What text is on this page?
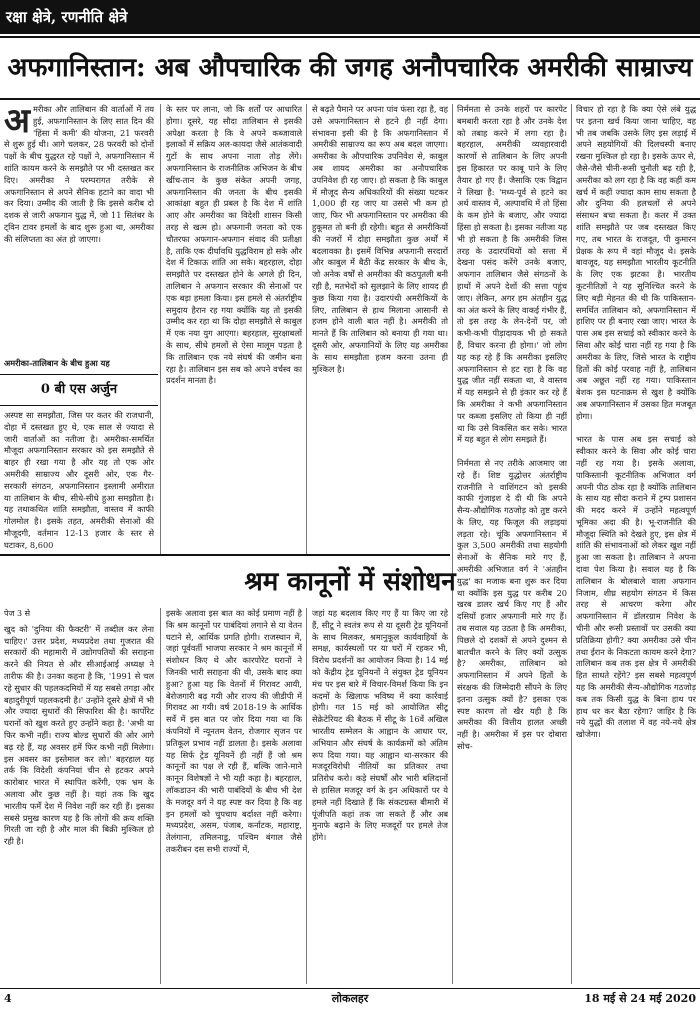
रक्षा क्षेत्रे, रणनीति क्षेत्रे
अफगानिस्तान: अब औपचारिक की जगह अनौपचारिक अमरीकी साम्राज्य
अमरीका और तालिबान की वार्ताओं में तय हुई, अफगानिस्तान के लिए सात दिन की 'हिंसा में कमी' की योजना, 21 फरवरी से शुरू हुई थी। आगे चलकर, 28 फरवरी को दोनों पक्षों के बीच युद्धरत रहे पक्षों ने, अफगानिस्तान में शांति कायम करने के समझौते पर भी दस्तखत कर दिए। अमरीका ने परम्परागत तरीके से अफगानिस्तान से अपने सैनिक हटाने का वादा भी कर दिया। उम्मीद की जाती है कि इससे करीब दो दशक से जारी अफगान युद्ध में, जो 11 सितंबर के ट्विन टावर हमलों के बाद शुरू हुआ था, अमरीका की संलिप्तता का अंत हो जाएगा।
अमरीका-तालिबान के बीच हुआ यह
0 बी एस अर्जुन
अस्पष्ट सा समझौता, जिस पर कतर की राजधानी, दोहा में दस्तखत हुए थे, एक साल से ज्यादा से जारी वार्ताओं का नतीजा है। अमरीका-समर्थित मौजूदा अफगानिस्तान सरकार को इस समझौते से बाहर ही रखा गया है और यह तो एक ओर अमरीकी साम्राज्य और दूसरी ओर, एक गैर-सरकारी संगठन, अफगानिस्तान इस्लामी अमीरात या तालिबान के बीच, सीधे-सीधे हुआ समझौता है। यह तथाकथित शांति समझौता, वास्तव में काफी गोलमोल है। इसके तहत, अमरीकी सेनाओं की मौजूदगी, वर्तमान 12-13 हजार के स्तर से घटाकर, 8,600
के स्तर पर लाना, जो कि शर्तों पर आधारित होगा। दूसरे, यह सौदा तालिबान से इसकी अपेक्षा करता है कि वे अपने कब्जावाले इलाकों में सक्रिय अल-कायदा जैसे आतंकवादी गुटों के साथ अपना नाता तोड़ लेंगे। अफगानिस्तान के राजनीतिक अभिजन के बीच खींच-तान के कुछ संकेत अपनी जगह, अफगानिस्तान की जनता के बीच इसकी आकांक्षा बहुत ही प्रबल है कि देश में शांति आए और अमरीका का विदेशी शासन किसी तरह से खत्म हो। अफगानी जनता को एक चौतरफा अफगान-अफगान संवाद की प्रतीक्षा है, ताकि एक दीर्घावधि युद्धविराम हो सके और देश में टिकाऊ शांति आ सके। बहरहाल, दोहा समझौते पर दस्तखत होने के अगले ही दिन, तालिबान ने अफगान सरकार की सेनाओं पर एक बड़ा हमला किया। इस हमले से अंतर्राष्ट्रीय समुदाय हैरान रह गया क्योंकि यह तो इसकी उम्मीद कर रहा था कि दोहा समझौते से काबुल में एक नया युग आएगा। बहरहाल, सुरक्षाबलों के साथ, सीधे हमलों से ऐसा मालूम पड़ता है कि तालिबान एक नये संघर्ष की जमीन बना रहा है। तालिबान इस सब को अपने वर्चस्व का प्रदर्शन मानता है।
से बढ़ते पैमाने पर अपना पांव फंसा रहा है, वह उसे अफगानिस्तान से हटने ही नहीं देगा। संभावना इसी की है कि अफगानिस्तान में अमरीकी साम्राज्य का रूप अब बदल जाएगा। अमरीका के औपचारिक उपनिवेश से, काबुल अब शायद अमरीका का अनौपचारिक उपनिवेश ही रह जाए। हो सकता है कि काबुल में मौजूद सैन्य अधिकारियों की संख्या घटकर 1,000 ही रह जाए या उससे भी कम हो जाए, फिर भी अफगानिस्तान पर अमरीका की हुकूमत तो बनी ही रहेगी। बहुत से अमरीकियों की नजरों में दोहा समझौता कुछ अर्थों में बदलावका है। इसमें विभिन्न अफगानी सरदारों और काबुल में बैठी केंद्र सरकार के बीच के, जो अनेक वर्षों से अमरीका की कठपुतली बनी रही है, मतभेदों को सुलझाने के लिए शायद ही कुछ किया गया है। उदारपंथी अमरीकियों के लिए, तालिबान से हाथ मिलाना आसानी से हजम होने वाली बात नहीं है। अमरीकी तो मानते हैं कि तालिबान को बनाया ही गया था। दूसरी ओर, अफगानियों के लिए यह अमरीका के साथ समझौता हजम करना उतना ही मुश्किल है।
निर्ममता से उनके शहरों पर कारपेट बमबारी करता रहा है और उनके देश को तबाह करने में लगा रहा है। बहरहाल, अमरीकी व्यवहारवादी कारणों से तालिबान के लिए अपनी इस हिकारत पर काबू पाने के लिए तैयार हो गए हैं। जैसाकि एक विद्वान ने लिखा है: 'मध्य-पूर्व से हटने का अर्थ वास्तव में, अल्पावधि में तो हिंसा के कम होने के बजाए, और ज्यादा हिंसा हो सकता है। इसका नतीजा यह भी हो सकता है कि अमरीकी जिस तरह के उदारपंथियों को सत्ता में देखना पसंद करेंगे उनके बजाए, अफगान तालिबान जैसे संगठनों के हाथों में अपने देशों की सत्ता पहुंच जाए। लेकिन, अगर हम अंतहीन युद्ध का अंत करने के लिए वाकई गंभीर हैं, तो इस तरह के लेन-देनों पर, जो कभी-कभी पीड़ादायक भी हो सकते हैं, विचार करना ही होगा।' जो लोग यह कह रहे हैं कि अमरीका इसलिए अफगानिस्तान से हट रहा है कि वह युद्ध जीत नहीं सकता था, वे वास्तव में यह समझने से ही इंकार कर रहे हैं कि अमरीका ने कभी अफगानिस्तान पर कब्जा इसलिए तो किया ही नहीं था कि उसे विकसित कर सके। भारत में यह बहुत से लोग समझते हैं।

निर्ममता से नए तरीके आजमाए जा रहे हैं। शिष्ट युद्धोत्तर अंतर्राष्ट्रीय राजनीति ने वाशिंगटन को इसकी काफी गुंजाइश दे दी थी कि अपने सैन्य-औद्योगिक गठजोड़ को तुष्ट करने के लिए, यह फिजूल की लड़ाइयां लड़ता रहे। चूंकि अफगानिस्तान में कुल 3,500 अमरीकी तथा सहयोगी सेनाओं के सैनिक मारे गए हैं, अमरीकी अभिजात वर्ग ने 'अंतहीन युद्ध' का मजाक बना शुरू कर दिया था क्योंकि इस युद्ध पर करीब 20 खरब डालर खर्च किए गए हैं और दसियों हजार अफगानी मारे गए हैं। तब सवाल यह उठता है कि अमरीका, पिछले दो दशकों से अपने दुश्मन से बातचीत करने के लिए क्यों उत्सुक है? अमरीका, तालिबान को अफगानिस्तान में अपने हितों के संरक्षक की जिम्मेदारी सौंपने के लिए इतना उत्सुक क्यों है? इसका एक स्पष्ट कारण तो खैर यही है कि अमरीका की वित्तीय हालत अच्छी नहीं है। अमरीका में इस पर दोबारा सोच-
विचार हो रहा है कि क्या ऐसे लंबे युद्ध पर इतना खर्च किया जाना चाहिए, वह भी तब जबकि उसके लिए इस लड़ाई में अपने सहयोगियों की दिलचस्पी बनाए रखना मुश्किल हो रहा है। इसके ऊपर से, जैसे-जैसे चीनी-रूसी चुनौती बढ़ रही है, अमरीका को लग रहा है कि वह कहीं कम खर्च में कहीं ज्यादा काम साध सकता है और दुनिया की हलचलों से अपने संसाधन बचा सकता है। कतर में उक्त शांति समझौते पर जब दस्तखत किए गए, तब भारत के राजदूत, पी कुमारन प्रेक्षक के रूप में वहां मौजूद थे। इसके बावजूद, यह समझौता भारतीय कूटनीति के लिए एक झटका है। भारतीय कूटनीतिज्ञों ने यह सुनिश्चित करने के लिए बड़ी मेहनत की थी कि पाकिस्तान-समर्थित तालिबान को, अफगानिस्तान में हाशिए पर ही बनाए रखा जाए। भारत के पास अब इस सचाई को स्वीकार करने के सिवा और कोई चारा नहीं रह गया है कि अमरीका के लिए, जिसे भारत के राष्ट्रीय हितों की कोई परवाह नहीं है, तालिबान अब अछूत नहीं रह गया। पाकिस्तान बेशक इस घटनाक्रम से खुश है क्योंकि अब अफगानिस्तान में उसका हित मजबूत होगा।

भारत के पास अब इस सचाई को स्वीकार करने के सिवा और कोई चारा नहीं रह गया है। इसके अलावा, पाकिस्तानी कूटनीतिक अभिजात वर्ग अपनी पीठ ठोक रहा है क्योंकि तालिबान के साथ यह सौदा कराने में ट्रम्प प्रशासन की मदद करने में उन्होंने महत्वपूर्ण भूमिका अदा की है। भू-राजनीति की मौजूदा स्थिति को देखते हुए, इस क्षेत्र में शांति की संभावनाओं को लेकर खुश नहीं हुआ जा सकता है। तालिबान ने अपना दावा पेश किया है। सवाल यह है कि तालिबान के बोलबाले वाला अफगान निजाम, शीघ्र सहयोग संगठन में किस तरह से आचरण करेगा और अफगानिस्तान में डॉलरग्राम निवेश के चीनी और रूसी प्रस्तावों पर उसकी क्या प्रतिक्रिया होगी? क्या अमरीका उसे चीन तथा ईरान के निकटता कायम करने देगा? तालिबान कब तक इस क्षेत्र में अमरीकी हित साधते रहेंगे? इस सबसे महत्वपूर्ण यह कि अमरीकी सैन्य-औद्योगिक गठजोड़ कब तक किसी युद्ध के बिना हाथ पर हाथ धर कर बैठा रहेगा? जाहिर है कि नये युद्धों की तलाश में वह नये-नये क्षेत्र खोजेगा।
श्रम कानूनों में संशोधन
पेज 3 से
खुद को 'दुनिया की फैक्टरी' में तब्दील कर लेना चाहिए।' उत्तर प्रदेश, मध्यप्रदेश तथा गुजरात की सरकारों की महामारी में उद्योगपतियों की सराहना करने की नियत से और सीआईआई अध्यक्ष ने तारीफ की है। उनका कहना है कि, '1991 से चल रहे सुधार की पहलकदमियों में यह सबसे तगड़ा और बहादुरीपूर्ण पहलकदमी है।' उन्होंने दूसरे क्षेत्रों में भी और ज्यादा सुधारों की सिफारिश की है। कार्पोरेट घरानों को खुश करते हुए उन्होंने कहा है: 'अभी या फिर कभी नहीं। राज्य बोल्ड सुधारों की ओर आगे बढ़ रहे हैं, यह अवसर हमें फिर कभी नहीं मिलेगा। इस अवसर का इस्तेमाल कर लो।' बहरहाल यह तर्क कि विदेशी कंपनियां चीन से हटकर अपने कारोबार भारत में स्थापित करेंगी, एक भ्रम के अलावा और कुछ नहीं है। यहां तक कि खुद भारतीय फर्में देश में निवेश नहीं कर रही हैं। इसका सबसे प्रमुख कारण यह है कि लोगों की क्रय शक्ति गिरती जा रही है और माल की बिक्री मुश्किल हो रही है।
इसके अलावा इस बात का कोई प्रमाण नहीं है कि श्रम कानूनों पर पाबंदियां लगाने से या वेतन घटाने से, आर्थिक प्रगति होगी। राजस्थान में, जहां पूर्ववर्ती भाजपा सरकार ने श्रम कानूनों में संशोधन किए थे और कारपोरेट घरानों ने जिनकी भारी सराहना की थी, उसके बाद क्या हुआ? हुआ यह कि वेतनों में गिरावट आयी, बेरोजगारी बढ़ गयी और राज्य की जीडीपी में गिरावट आ गयी। वर्ष 2018-19 के आर्थिक सर्वे में इस बात पर जोर दिया गया था कि कंपनियों में न्यूनतम वेतन, रोजगार सृजन पर प्रतिकूल प्रभाव नहीं डालता है। इसके अलावा यह सिर्फ ट्रेड यूनियनें ही नहीं हैं जो श्रम कानूनों का पक्ष ले रही हैं, बल्कि जाने-माने कानून विशेषज्ञों ने भी यही कहा है। बहरहाल, लॉकडाउन की भारी पाबंदियों के बीच भी देश के मजदूर वर्ग ने यह स्पष्ट कर दिया है कि वह इन हमलों को चुपचाप बर्दाश्त नहीं करेगा। मध्यप्रदेश, असम, पंजाब, कर्नाटक, महाराष्ट्र, तेलंगाना, तमिलनाडु, पश्चिम बंगाल जैसे तकरीबन दस सभी राज्यों में,
जहां यह बदलाव किए गए हैं या किए जा रहे हैं, सीटू ने स्वतंत्र रूप से या दूसरी ट्रेड यूनियनों के साथ मिलकर, श्रमानुकूल कार्यवाहियों के समक्ष, कार्यस्थलों पर या घरों में रहकर भी, विरोध प्रदर्शनों का आयोजन किया है। 14 मई को केंद्रीय ट्रेड यूनियनों ने संयुक्त ट्रेड यूनियन मंच पर इस बारे में विचार-विमर्श किया कि इन कदमों के खिलाफ भविष्य में क्या कार्रवाई होगी। गत 15 मई को आयोजित सीटू सेक्रेटेरियट की बैठक में सीटू के 16वें अखिल भारतीय सम्मेलन के आह्वान के आधार पर, अभियान और संघर्ष के कार्यक्रमों को अंतिम रूप दिया गया। यह आह्वान था-सरकार की मजदूरविरोधी नीतियों का प्रतिकार तथा प्रतिरोध करो। कड़े संघर्षों और भारी बलिदानों से हासिल मजदूर वर्ग के इन अधिकारों पर ये हमले नहीं दिखाते हैं कि संकटग्रस्त बीमारी में पूंजीपति कहां तक जा सकते हैं और अब मुनाफे बढ़ाने के लिए मजदूरों पर हमले तेज होंगे।
4	लोकलहर	18 मई से 24 मई 2020
